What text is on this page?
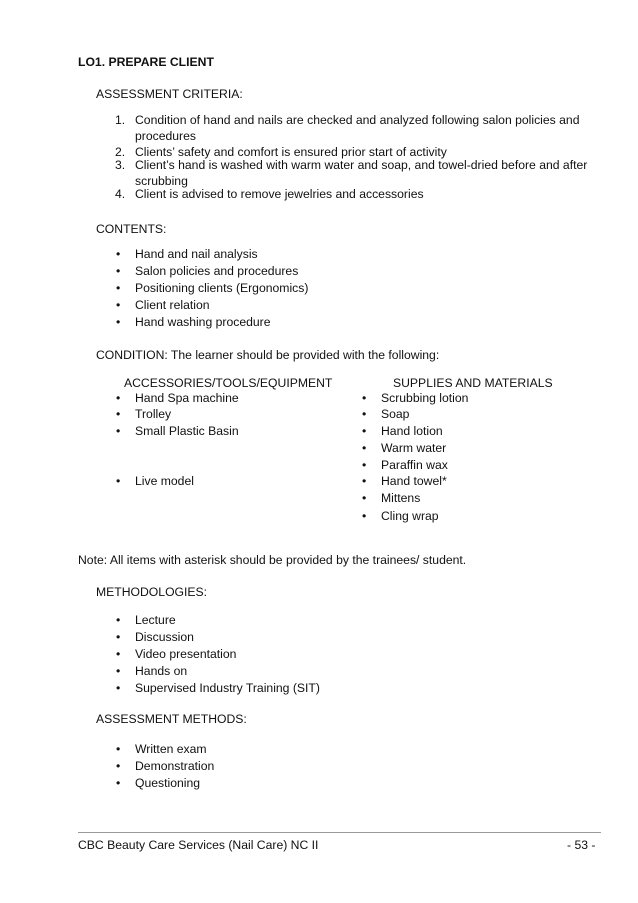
LO1. PREPARE CLIENT
ASSESSMENT CRITERIA:
1. Condition of hand and nails are checked and analyzed following salon policies and procedures
2. Clients’ safety and comfort is ensured prior start of activity
3. Client’s hand is washed with warm water and soap, and towel-dried before and after scrubbing
4. Client is advised to remove jewelries and accessories
CONTENTS:
• Hand and nail analysis
• Salon policies and procedures
• Positioning clients (Ergonomics)
• Client relation
• Hand washing procedure
CONDITION: The learner should be provided with the following:
ACCESSORIES/TOOLS/EQUIPMENT	SUPPLIES AND MATERIALS
• Hand Spa machine
• Trolley
• Small Plastic Basin
• Live model
• Scrubbing lotion
• Soap
• Hand lotion
• Warm water
• Paraffin wax
• Hand towel*
• Mittens
• Cling wrap
Note: All items with asterisk should be provided by the trainees/ student.
METHODOLOGIES:
• Lecture
• Discussion
• Video presentation
• Hands on
• Supervised Industry Training (SIT)
ASSESSMENT METHODS:
• Written exam
• Demonstration
• Questioning
CBC Beauty Care Services (Nail Care) NC II	- 53 -
